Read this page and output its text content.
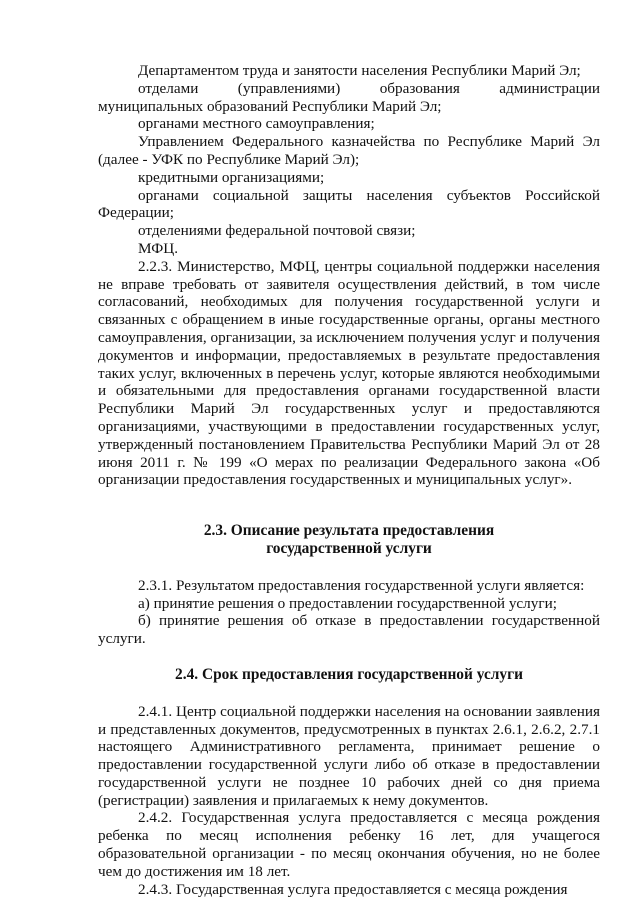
Департаментом труда и занятости населения Республики Марий Эл;

отделами (управлениями) образования администрации муниципальных образований Республики Марий Эл;

органами местного самоуправления;

Управлением Федерального казначейства по Республике Марий Эл (далее - УФК по Республике Марий Эл);

кредитными организациями;

органами социальной защиты населения субъектов Российской Федерации;

отделениями федеральной почтовой связи;

МФЦ.

2.2.3. Министерство, МФЦ, центры социальной поддержки населения не вправе требовать от заявителя осуществления действий, в том числе согласований, необходимых для получения государственной услуги и связанных с обращением в иные государственные органы, органы местного самоуправления, организации, за исключением получения услуг и получения документов и информации, предоставляемых в результате предоставления таких услуг, включенных в перечень услуг, которые являются необходимыми и обязательными для предоставления органами государственной власти Республики Марий Эл государственных услуг и предоставляются организациями, участвующими в предоставлении государственных услуг, утвержденный постановлением Правительства Республики Марий Эл от 28 июня 2011 г. № 199 «О мерах по реализации Федерального закона «Об организации предоставления государственных и муниципальных услуг».

2.3. Описание результата предоставления
государственной услуги

2.3.1. Результатом предоставления государственной услуги является:

а) принятие решения о предоставлении государственной услуги;

б) принятие решения об отказе в предоставлении государственной услуги.

2.4. Срок предоставления государственной услуги

2.4.1. Центр социальной поддержки населения на основании заявления и представленных документов, предусмотренных в пунктах 2.6.1, 2.6.2, 2.7.1 настоящего Административного регламента, принимает решение о предоставлении государственной услуги либо об отказе в предоставлении государственной услуги не позднее 10 рабочих дней со дня приема (регистрации) заявления и прилагаемых к нему документов.

2.4.2. Государственная услуга предоставляется с месяца рождения ребенка по месяц исполнения ребенку 16 лет, для учащегося образовательной организации - по месяц окончания обучения, но не более чем до достижения им 18 лет.

2.4.3. Государственная услуга предоставляется с месяца рождения
